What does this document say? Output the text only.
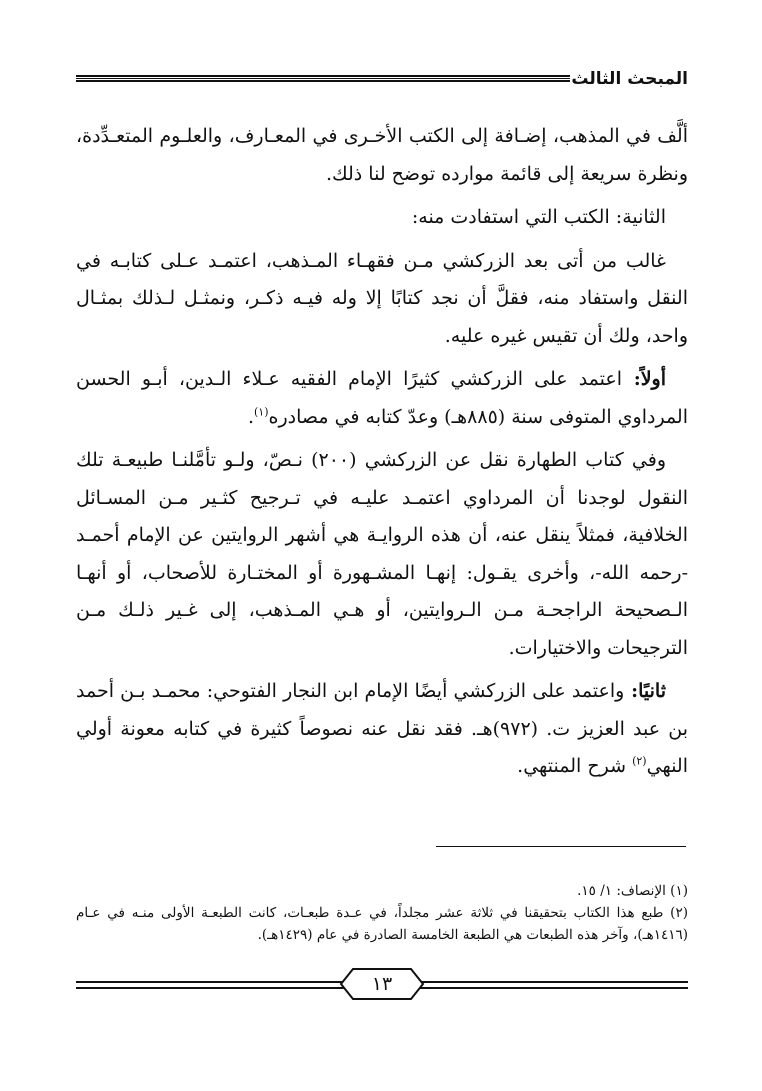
المبحث الثالث

ألَّف في المذهب، إضـافة إلى الكتب الأخـرى في المعـارف، والعلـوم المتعـدِّدة، ونظرة سريعة إلى قائمة موارده توضح لنا ذلك.

الثانية: الكتب التي استفادت منه:

غالب من أتى بعد الزركشي مـن فقهـاء المـذهب، اعتمـد عـلى كتابـه في النقل واستفاد منه، فقلَّ أن نجد كتابًا إلا وله فيـه ذكـر، ونمثـل لـذلك بمثـال واحد، ولك أن تقيس غيره عليه.

أولاً: اعتمد على الزركشي كثيرًا الإمام الفقيه عـلاء الـدين، أبـو الحسن المرداوي المتوفى سنة (٨٨٥هـ) وعدّ كتابه في مصادره$^{(١)}$.

وفي كتاب الطهارة نقل عن الزركشي (٢٠٠) نـصّ، ولـو تأمَّلنـا طبيعـة تلك النقول لوجدنا أن المرداوي اعتمـد عليـه في تـرجيح كثـير مـن المسـائل الخلافية، فمثلاً ينقل عنه، أن هذه الروايـة هي أشهر الروايتين عن الإمام أحمـد -رحمه الله-، وأخرى يقـول: إنهـا المشـهورة أو المختـارة للأصحاب، أو أنهـا الـصحيحة الراجحـة مـن الـروايتين، أو هـي المـذهب، إلى غـير ذلـك مـن الترجيحات والاختيارات.

ثانيًا: واعتمد على الزركشي أيضًا الإمام ابن النجار الفتوحي: محمـد بـن أحمد بن عبد العزيز ت. (٩٧٢)هـ. فقد نقل عنه نصوصاً كثيرة في كتابه معونة أولي النهي$^{(٢)}$ شرح المنتهي.

(١) الإنصاف: ١/ ١٥.

(٢) طبع هذا الكتاب بتحقيقنا في ثلاثة عشر مجلداً، في عـدة طبعـات، كانت الطبعـة الأولى منـه في عـام (١٤١٦هـ)، وآخر هذه الطبعات هي الطبعة الخامسة الصادرة في عام (١٤٢٩هـ).

١٣
